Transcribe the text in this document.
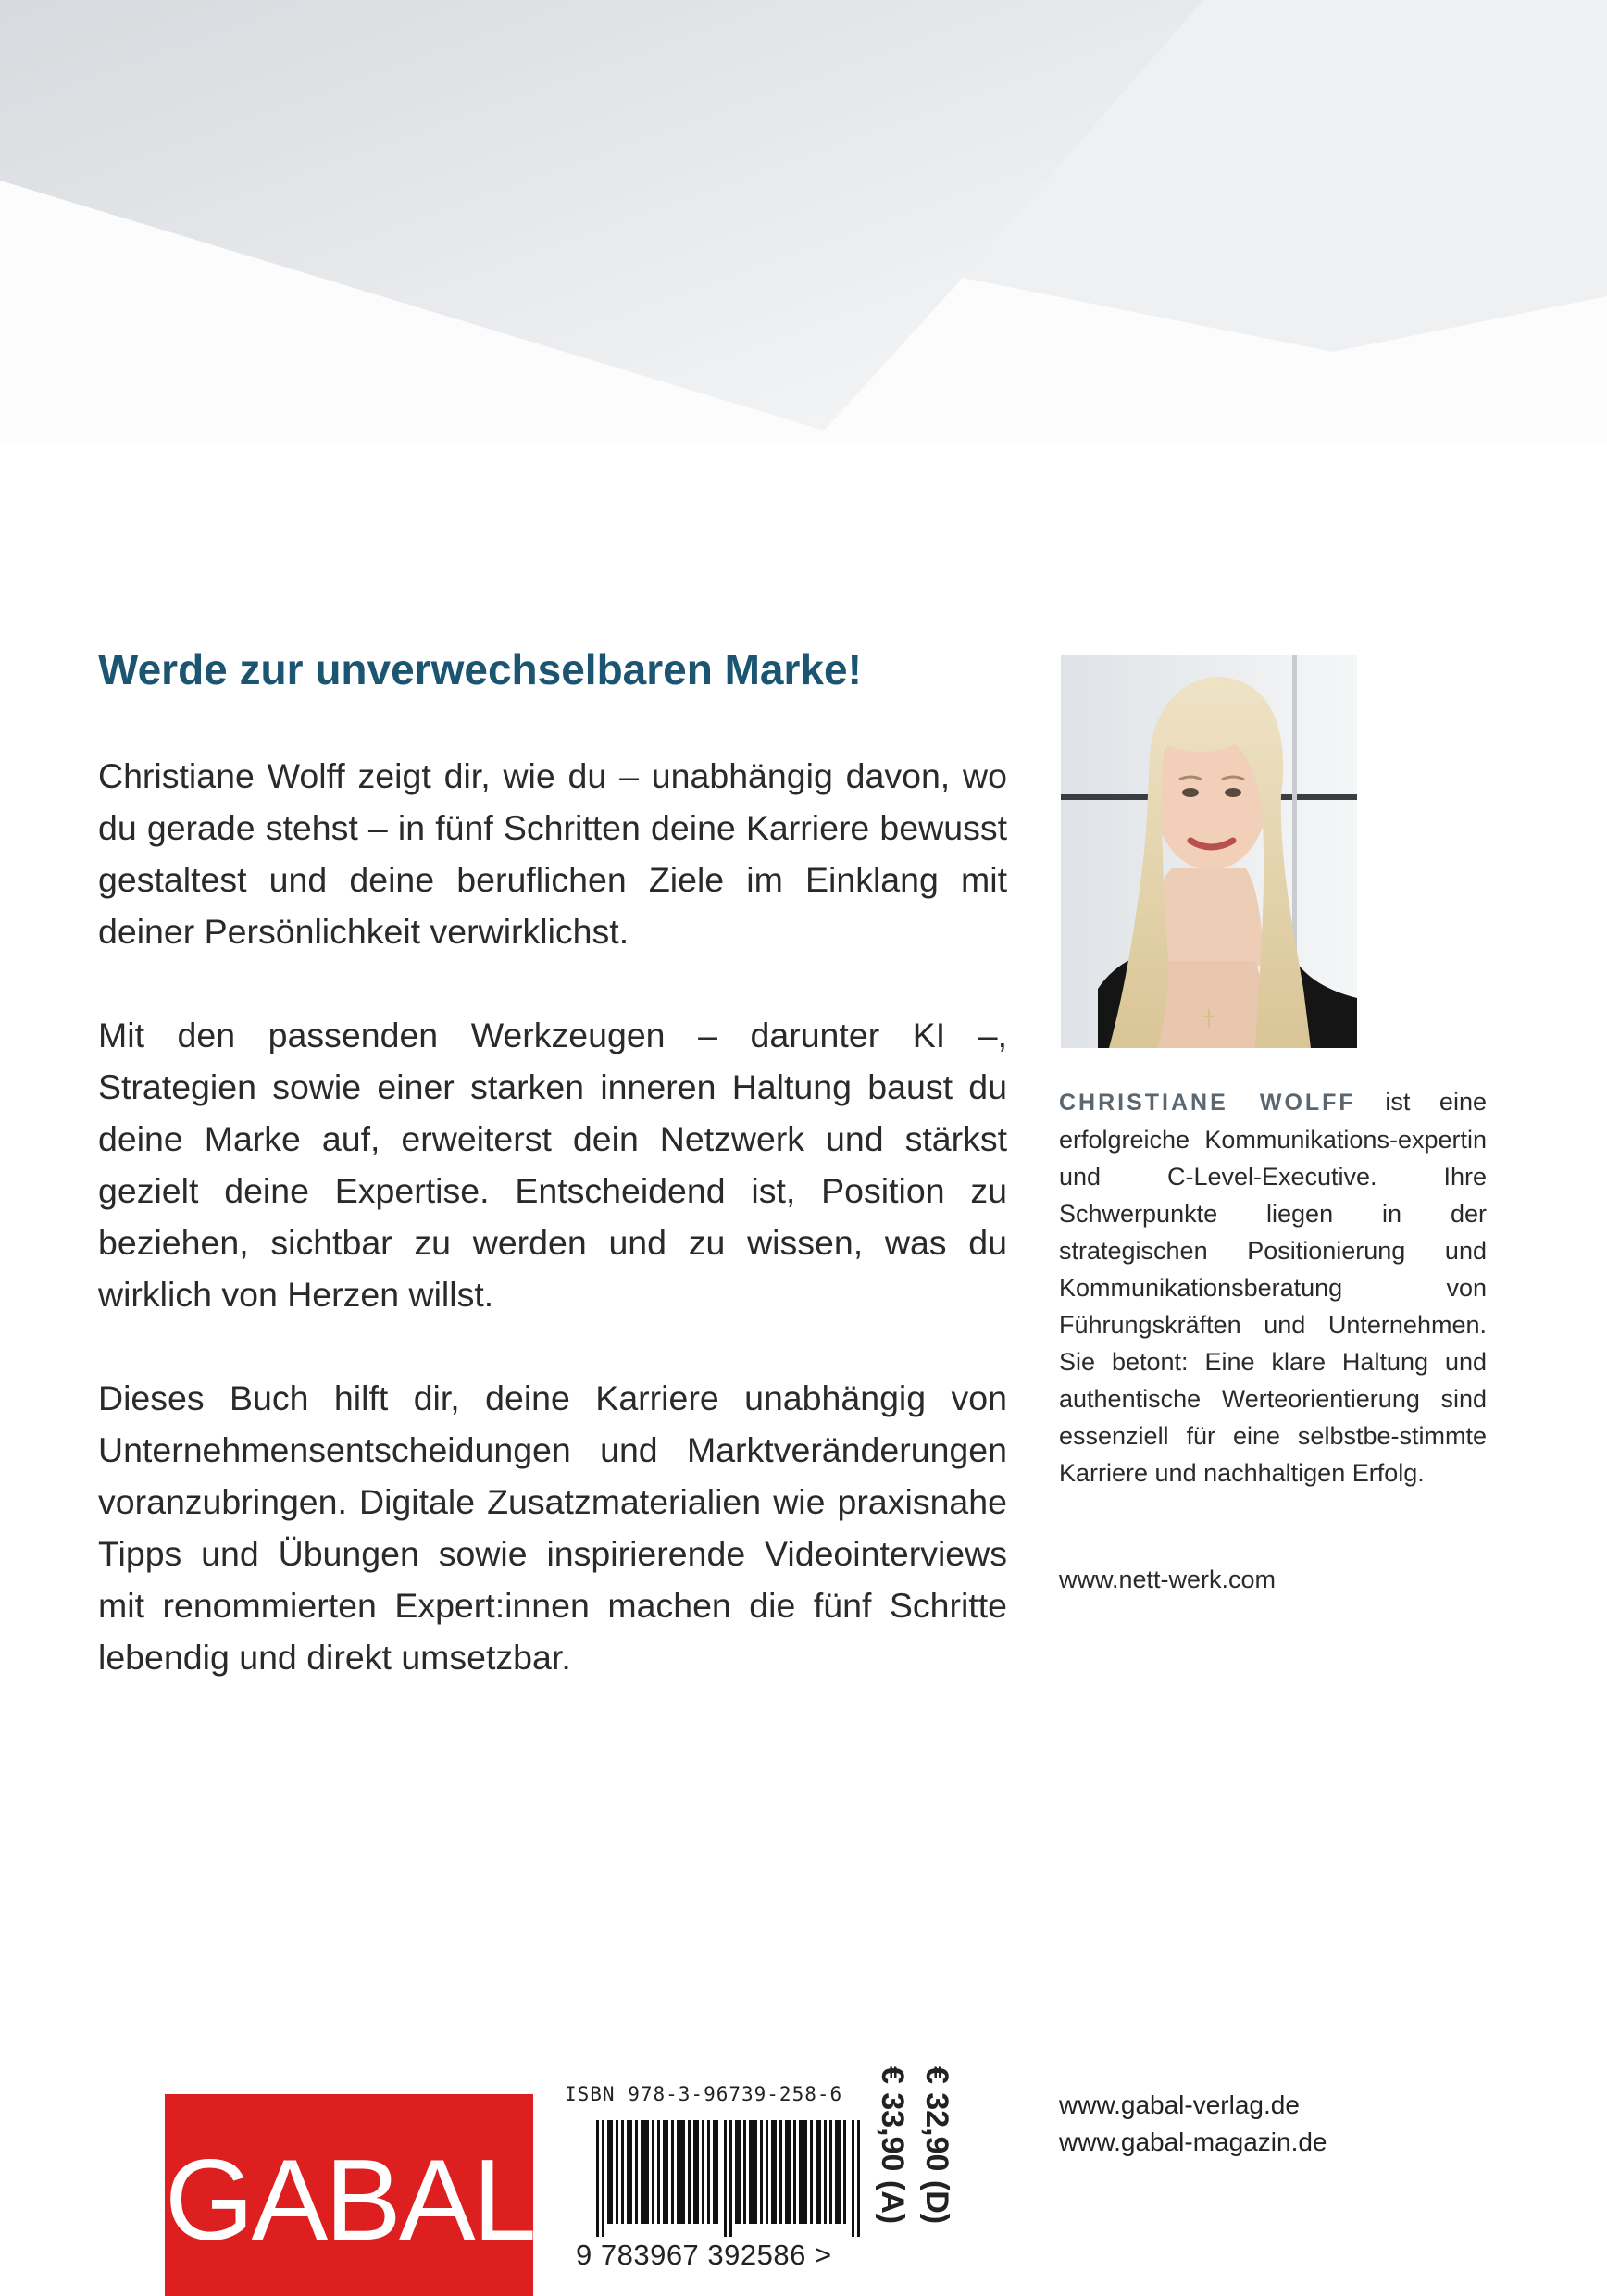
Werde zur unverwechselbaren Marke!

Christiane Wolff zeigt dir, wie du – unabhängig davon, wo du gerade stehst – in fünf Schritten deine Karriere bewusst gestaltest und deine beruflichen Ziele im Einklang mit deiner Persönlichkeit verwirklichst.

Mit den passenden Werkzeugen – darunter KI –, Strategien sowie einer starken inneren Haltung baust du deine Marke auf, erweiterst dein Netzwerk und stärkst gezielt deine Expertise. Entscheidend ist, Position zu beziehen, sichtbar zu werden und zu wissen, was du wirklich von Herzen willst.

Dieses Buch hilft dir, deine Karriere unabhängig von Unternehmensentscheidungen und Marktveränderungen voranzubringen. Digitale Zusatzmaterialien wie praxisnahe Tipps und Übungen sowie inspirierende Videointerviews mit renommierten Expert:innen machen die fünf Schritte lebendig und direkt umsetzbar.

CHRISTIANE WOLFF ist eine erfolgreiche Kommunikations-expertin und C-Level-Executive. Ihre Schwerpunkte liegen in der strategischen Positionierung und Kommunikationsberatung von Führungskräften und Unternehmen. Sie betont: Eine klare Haltung und authentische Werteorientierung sind essenziell für eine selbstbe-stimmte Karriere und nachhaltigen Erfolg.

www.nett-werk.com

GABAL
ISBN 978-3-96739-258-6
9 783967 392586 >

€ 32,90 (D)

€ 33,90 (A)	www.gabal-verlag.de

www.gabal-magazin.de
